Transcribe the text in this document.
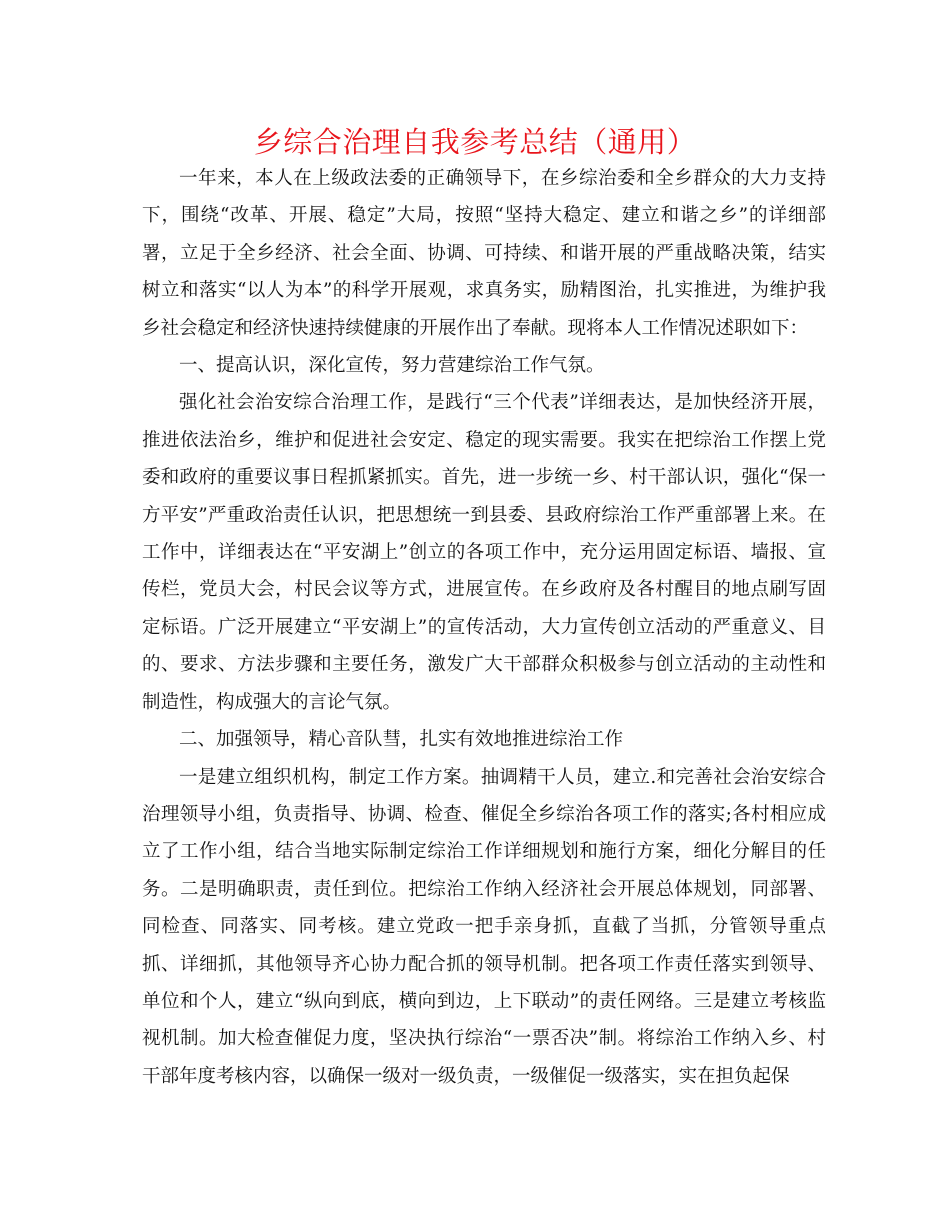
乡综合治理自我参考总结（通用）

一年来，本人在上级政法委的正确领导下，在乡综治委和全乡群众的大力支持下，围绕“改革、开展、稳定”大局，按照“坚持大稳定、建立和谐之乡”的详细部署，立足于全乡经济、社会全面、协调、可持续、和谐开展的严重战略决策，结实树立和落实“以人为本”的科学开展观，求真务实，励精图治，扎实推进，为维护我乡社会稳定和经济快速持续健康的开展作出了奉献。现将本人工作情况述职如下：

一、提高认识，深化宣传，努力营建综治工作气氛。

强化社会治安综合治理工作，是践行“三个代表”详细表达，是加快经济开展，推进依法治乡，维护和促进社会安定、稳定的现实需要。我实在把综治工作摆上党委和政府的重要议事日程抓紧抓实。首先，进一步统一乡、村干部认识，强化“保一方平安”严重政治责任认识，把思想统一到县委、县政府综治工作严重部署上来。在工作中，详细表达在“平安湖上”创立的各项工作中，充分运用固定标语、墙报、宣传栏，党员大会，村民会议等方式，进展宣传。在乡政府及各村醒目的地点刷写固定标语。广泛开展建立“平安湖上”的宣传活动，大力宣传创立活动的严重意义、目的、要求、方法步骤和主要任务，激发广大干部群众积极参与创立活动的主动性和制造性，构成强大的言论气氛。

二、加强领导，精心音队彗，扎实有效地推进综治工作

一是建立组织机构，制定工作方案。抽调精干人员，建立.和完善社会治安综合治理领导小组，负责指导、协调、检查、催促全乡综治各项工作的落实;各村相应成立了工作小组，结合当地实际制定综治工作详细规划和施行方案，细化分解目的任务。二是明确职责，责任到位。把综治工作纳入经济社会开展总体规划，同部署、同检查、同落实、同考核。建立党政一把手亲身抓，直截了当抓，分管领导重点抓、详细抓，其他领导齐心协力配合抓的领导机制。把各项工作责任落实到领导、单位和个人，建立“纵向到底，横向到边，上下联动”的责任网络。三是建立考核监视机制。加大检查催促力度，坚决执行综治“一票否决”制。将综治工作纳入乡、村干部年度考核内容，以确保一级对一级负责，一级催促一级落实，实在担负起保
